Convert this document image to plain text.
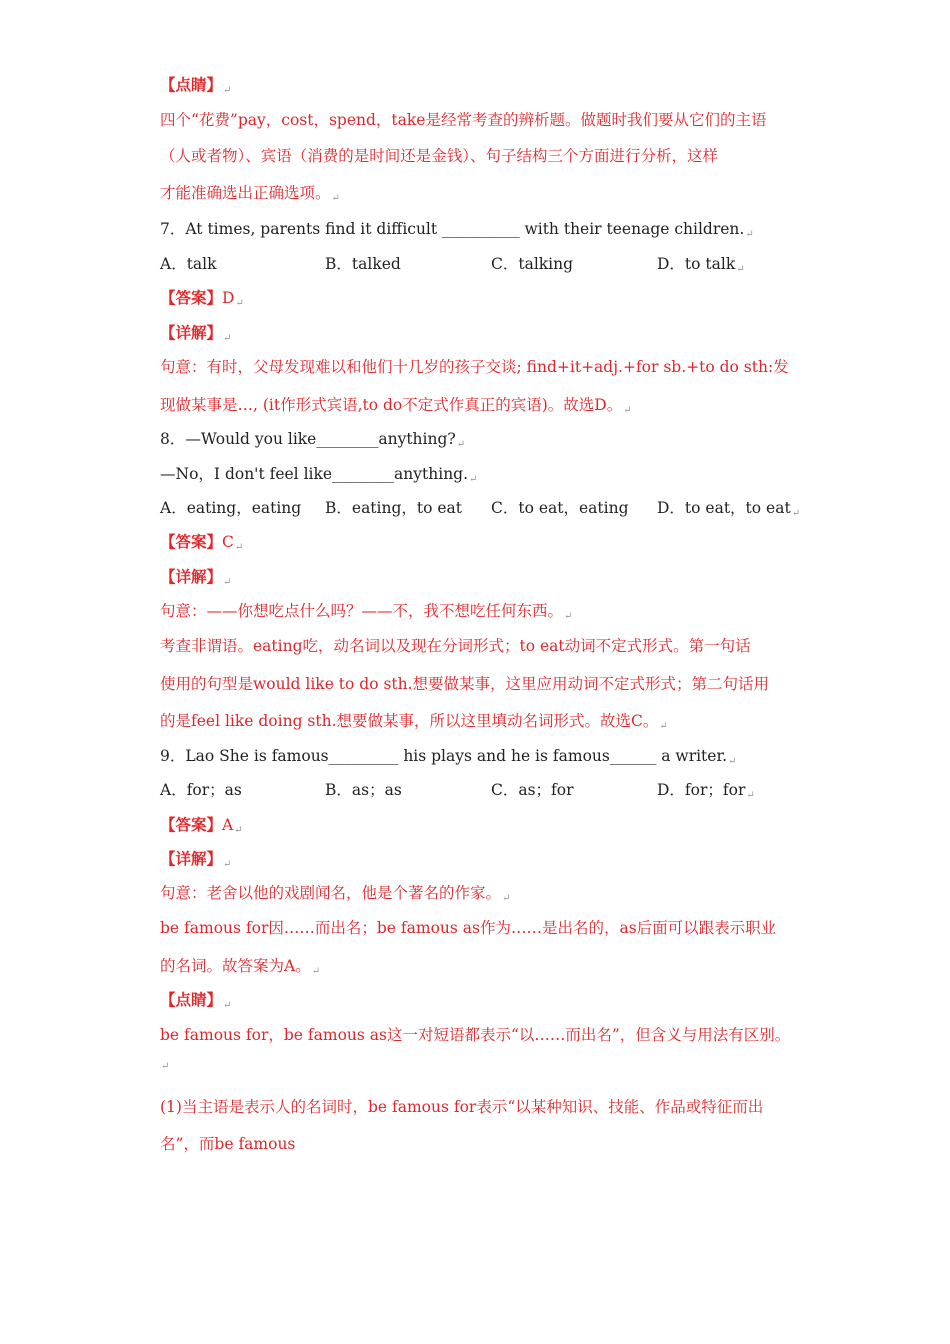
【点睛】↵
四个“花费”pay，cost，spend，take是经常考查的辨析题。做题时我们要从它们的主语
（人或者物）、宾语（消费的是时间还是金钱）、句子结构三个方面进行分析，这样
才能准确选出正确选项。↵
7．At times, parents find it difficult __________ with their teenage children.↵
A．talk	B．talked	C．talking	D．to talk↵
【答案】D↵
【详解】↵
句意：有时，父母发现难以和他们十几岁的孩子交谈; find+it+adj.+for sb.+to do sth:发
现做某事是…, (it作形式宾语,to do不定式作真正的宾语)。故选D。↵
8．—Would you like________anything?↵
—No，I don't feel like________anything.↵
A．eating，eating B．eating，to eat C．to eat，eating D．to eat，to eat↵
【答案】C↵
【详解】↵
句意：——你想吃点什么吗？——不，我不想吃任何东西。↵
考查非谓语。eating吃，动名词以及现在分词形式；to eat动词不定式形式。第一句话
使用的句型是would like to do sth.想要做某事，这里应用动词不定式形式；第二句话用
的是feel like doing sth.想要做某事，所以这里填动名词形式。故选C。↵
9．Lao She is famous_________ his plays and he is famous______ a writer.↵
A．for；as	B．as；as	C．as；for	D．for；for↵
【答案】A↵
【详解】↵
句意：老舍以他的戏剧闻名，他是个著名的作家。↵
be famous for因……而出名；be famous as作为……是出名的，as后面可以跟表示职业
的名词。故答案为A。↵
【点睛】↵
be famous for，be famous as这一对短语都表示“以……而出名”，但含义与用法有区别。
↵
(1)当主语是表示人的名词时，be famous for表示“以某种知识、技能、作品或特征而出
名”，而be famous
